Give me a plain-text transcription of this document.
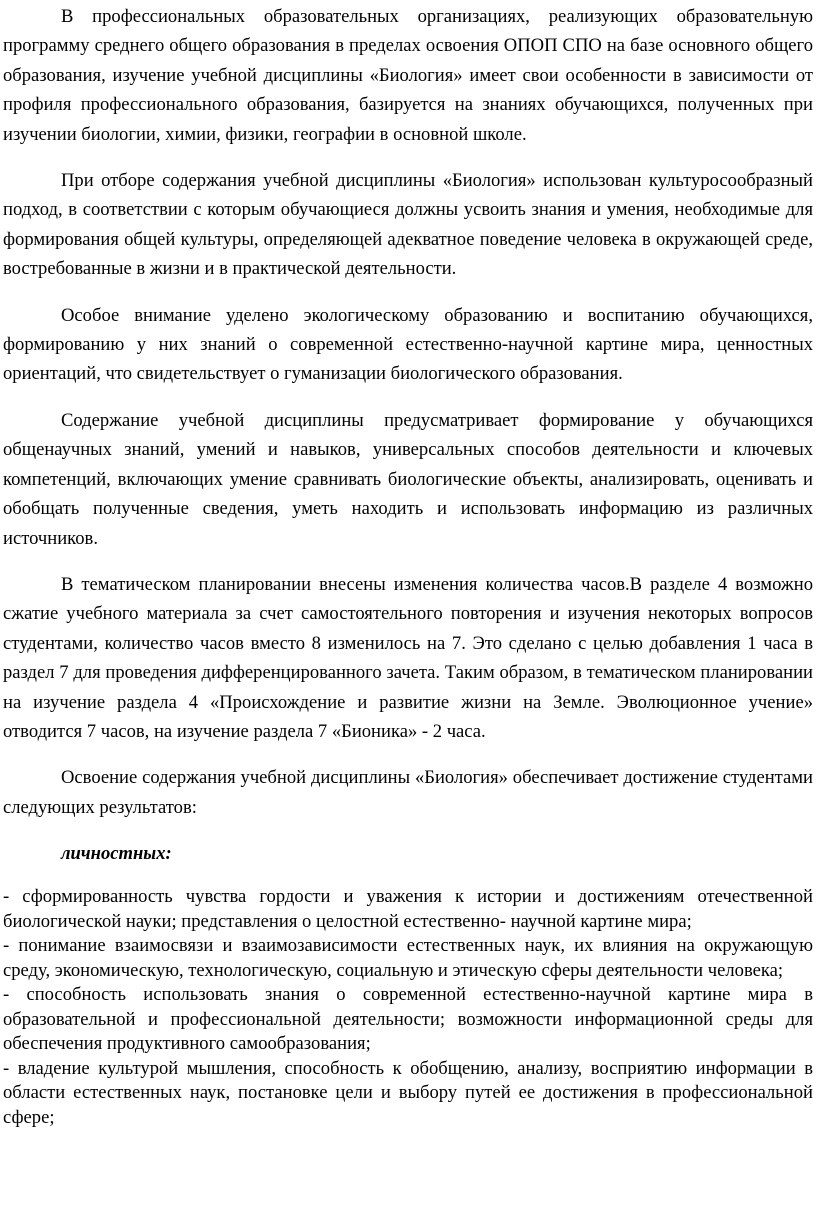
В профессиональных образовательных организациях, реализующих образовательную программу среднего общего образования в пределах освоения ОПОП СПО на базе основного общего образования, изучение учебной дисциплины «Биология» имеет свои особенности в зависимости от профиля профессионального образования, базируется на знаниях обучающихся, полученных при изучении биологии, химии, физики, географии в основной школе.

При отборе содержания учебной дисциплины «Биология» использован культуросообразный подход, в соответствии с которым обучающиеся должны усвоить знания и умения, необходимые для формирования общей культуры, определяющей адекватное поведение человека в окружающей среде, востребованные в жизни и в практической деятельности.

Особое внимание уделено экологическому образованию и воспитанию обучающихся, формированию у них знаний о современной естественно-научной картине мира, ценностных ориентаций, что свидетельствует о гуманизации биологического образования.

Содержание учебной дисциплины предусматривает формирование у обучающихся общенаучных знаний, умений и навыков, универсальных способов деятельности и ключевых компетенций, включающих умение сравнивать биологические объекты, анализировать, оценивать и обобщать полученные сведения, уметь находить и использовать информацию из различных источников.

В тематическом планировании внесены изменения количества часов.В разделе 4 возможно сжатие учебного материала за счет самостоятельного повторения и изучения некоторых вопросов студентами, количество часов вместо 8 изменилось на 7. Это сделано с целью добавления 1 часа в раздел 7 для проведения дифференцированного зачета. Таким образом, в тематическом планировании на изучение раздела 4 «Происхождение и развитие жизни на Земле. Эволюционное учение» отводится 7 часов, на изучение раздела 7 «Бионика» - 2 часа.

Освоение содержания учебной дисциплины «Биология» обеспечивает достижение студентами следующих результатов:

личностных:

- сформированность чувства гордости и уважения к истории и достижениям отечественной биологической науки; представления о целостной естественно- научной картине мира;

- понимание взаимосвязи и взаимозависимости естественных наук, их влияния на окружающую среду, экономическую, технологическую, социальную и этическую сферы деятельности человека;

- способность использовать знания о современной естественно-научной картине мира в образовательной и профессиональной деятельности; возможности информационной среды для обеспечения продуктивного самообразования;

- владение культурой мышления, способность к обобщению, анализу, восприятию информации в области естественных наук, постановке цели и выбору путей ее достижения в профессиональной сфере;
